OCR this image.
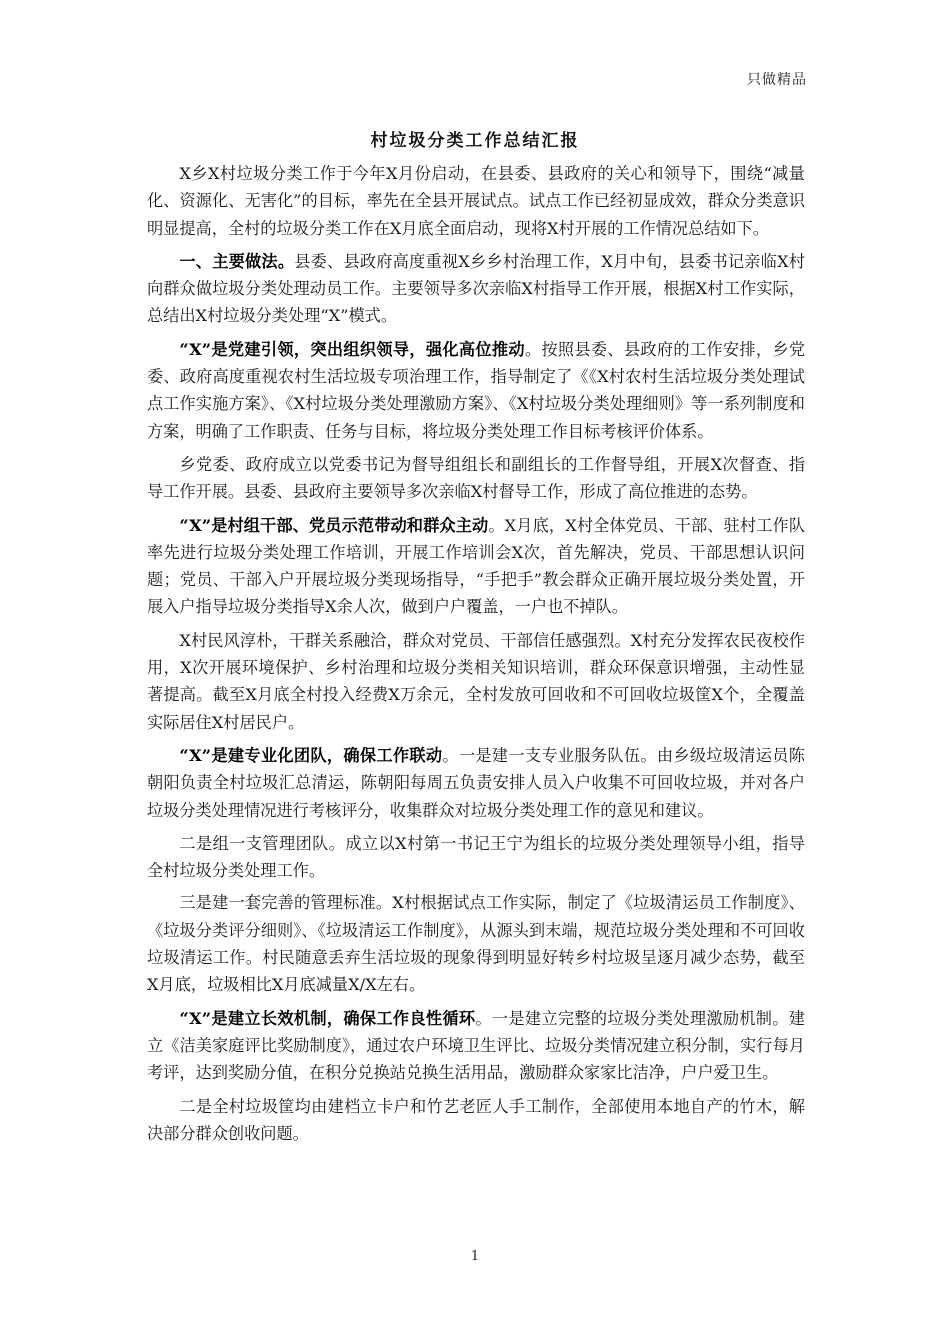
只做精品
村垃圾分类工作总结汇报

X乡X村垃圾分类工作于今年X月份启动，在县委、县政府的关心和领导下，围绕“减量化、资源化、无害化”的目标，率先在全县开展试点。试点工作已经初显成效，群众分类意识明显提高，全村的垃圾分类工作在X月底全面启动，现将X村开展的工作情况总结如下。

一、主要做法。县委、县政府高度重视X乡乡村治理工作，X月中旬，县委书记亲临X村向群众做垃圾分类处理动员工作。主要领导多次亲临X村指导工作开展，根据X村工作实际，总结出X村垃圾分类处理“X”模式。

“X”是党建引领，突出组织领导，强化高位推动。按照县委、县政府的工作安排，乡党委、政府高度重视农村生活垃圾专项治理工作，指导制定了《《X村农村生活垃圾分类处理试点工作实施方案》、《X村垃圾分类处理激励方案》、《X村垃圾分类处理细则》等一系列制度和方案，明确了工作职责、任务与目标，将垃圾分类处理工作目标考核评价体系。

乡党委、政府成立以党委书记为督导组组长和副组长的工作督导组，开展X次督查、指导工作开展。县委、县政府主要领导多次亲临X村督导工作，形成了高位推进的态势。

“X”是村组干部、党员示范带动和群众主动。X月底，X村全体党员、干部、驻村工作队率先进行垃圾分类处理工作培训，开展工作培训会X次，首先解决，党员、干部思想认识问题；党员、干部入户开展垃圾分类现场指导，“手把手”教会群众正确开展垃圾分类处置，开展入户指导垃圾分类指导X余人次，做到户户覆盖，一户也不掉队。

X村民风淳朴，干群关系融洽，群众对党员、干部信任感强烈。X村充分发挥农民夜校作用，X次开展环境保护、乡村治理和垃圾分类相关知识培训，群众环保意识增强，主动性显著提高。截至X月底全村投入经费X万余元，全村发放可回收和不可回收垃圾筐X个，全覆盖实际居住X村居民户。

“X”是建专业化团队，确保工作联动。一是建一支专业服务队伍。由乡级垃圾清运员陈朝阳负责全村垃圾汇总清运，陈朝阳每周五负责安排人员入户收集不可回收垃圾，并对各户垃圾分类处理情况进行考核评分，收集群众对垃圾分类处理工作的意见和建议。

二是组一支管理团队。成立以X村第一书记王宁为组长的垃圾分类处理领导小组，指导全村垃圾分类处理工作。

三是建一套完善的管理标准。X村根据试点工作实际，制定了《垃圾清运员工作制度》、《垃圾分类评分细则》、《垃圾清运工作制度》，从源头到末端，规范垃圾分类处理和不可回收垃圾清运工作。村民随意丢弃生活垃圾的现象得到明显好转乡村垃圾呈逐月减少态势，截至X月底，垃圾相比X月底减量X/X左右。

“X”是建立长效机制，确保工作良性循环。一是建立完整的垃圾分类处理激励机制。建立《洁美家庭评比奖励制度》，通过农户环境卫生评比、垃圾分类情况建立积分制，实行每月考评，达到奖励分值，在积分兑换站兑换生活用品，激励群众家家比洁净，户户爱卫生。

二是全村垃圾筐均由建档立卡户和竹艺老匠人手工制作，全部使用本地自产的竹木，解决部分群众创收问题。

1
